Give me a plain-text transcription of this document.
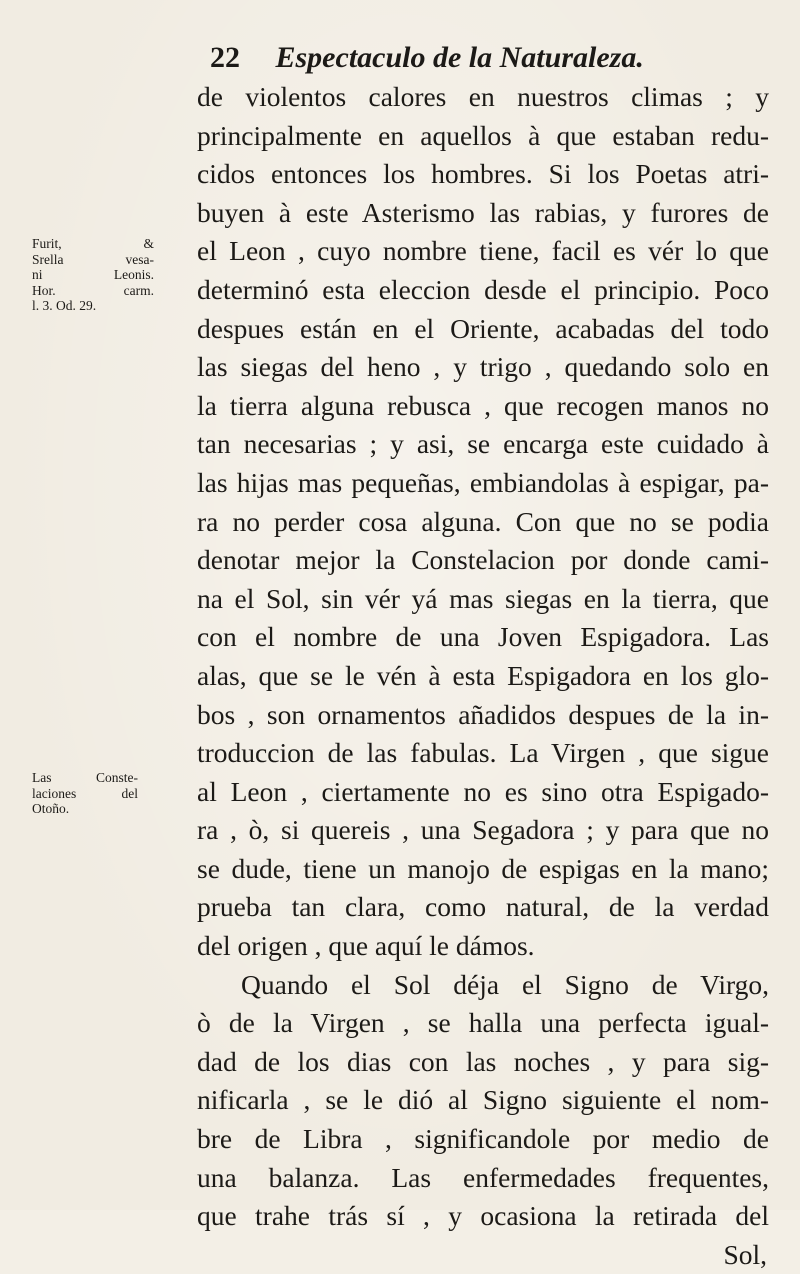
22 Espectaculo de la Naturaleza.
Furit, &
Srella vesa-
ni Leonis.
Hor. carm.
l. 3. Od. 29.
Las Conste-
laciones del
Otoño.
de violentos calores en nuestros climas ; y
principalmente en aquellos à que estaban redu-
cidos entonces los hombres. Si los Poetas atri-
buyen à este Asterismo las rabias, y furores de
el Leon , cuyo nombre tiene, facil es vér lo que
determinó esta eleccion desde el principio. Poco
despues están en el Oriente, acabadas del todo
las siegas del heno , y trigo , quedando solo en
la tierra alguna rebusca , que recogen manos no
tan necesarias ; y asi, se encarga este cuidado à
las hijas mas pequeñas, embiandolas à espigar, pa-
ra no perder cosa alguna. Con que no se podia
denotar mejor la Constelacion por donde cami-
na el Sol, sin vér yá mas siegas en la tierra, que
con el nombre de una Joven Espigadora. Las
alas, que se le vén à esta Espigadora en los glo-
bos , son ornamentos añadidos despues de la in-
troduccion de las fabulas. La Virgen , que sigue
al Leon , ciertamente no es sino otra Espigado-
ra , ò, si quereis , una Segadora ; y para que no
se dude, tiene un manojo de espigas en la mano;
prueba tan clara, como natural, de la verdad
del origen , que aquí le dámos.
Quando el Sol déja el Signo de Virgo,
ò de la Virgen , se halla una perfecta igual-
dad de los dias con las noches , y para sig-
nificarla , se le dió al Signo siguiente el nom-
bre de Libra , significandole por medio de
una balanza. Las enfermedades frequentes,
que trahe trás sí , y ocasiona la retirada del
Sol,
